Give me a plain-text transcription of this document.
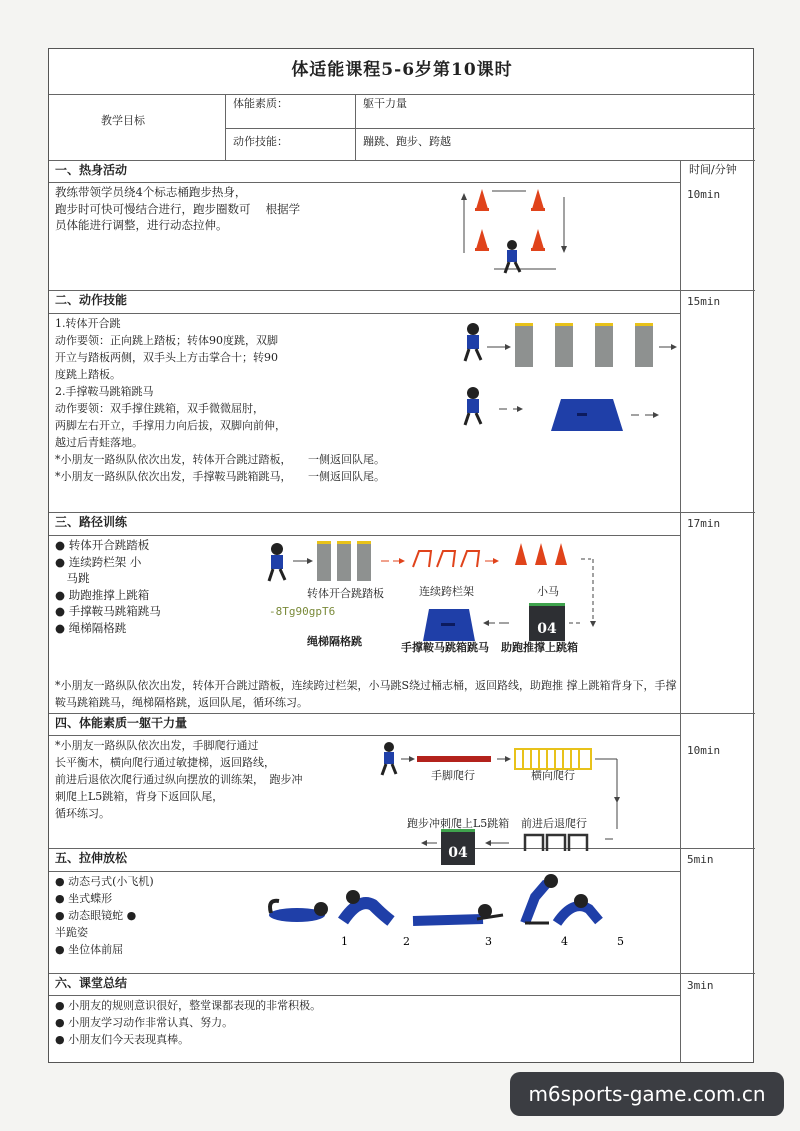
体适能课程5-6岁第10课时
教学目标
体能素质：	躯干力量
动作技能：	蹦跳、跑步、跨越
时间/分钟
一、热身活动
10min
教练带领学员绕4个标志桶跑步热身，
跑步时可快可慢结合进行，跑步圈数可　 根据学
员体能进行调整，进行动态拉伸。
二、动作技能	15min
1.转体开合跳
动作要领：正向跳上踏板；转体90度跳，双脚
开立与踏板两侧，双手头上方击掌合十；转90
度跳上踏板。
2.手撑鞍马跳箱跳马
动作要领：双手撑住跳箱，双手微微屈肘，
两脚左右开立，手撑用力向后拔，双脚向前伸，
越过后青蛙落地。
*小朋友一路纵队依次出发，转体开合跳过踏板，　　一侧返回队尾。
*小朋友一路纵队依次出发，手撑鞍马跳箱跳马，　　一侧返回队尾。
三、路径训练	17min
● 转体开合跳踏板
● 连续跨栏架 小
　马跳
● 助跑推撑上跳箱
● 手撑鞍马跳箱跳马
● 绳梯隔格跳	04
转体开合跳踏板	连续跨栏架	小马
-8Tg90gpT6
绳梯隔格跳	手撑鞍马跳箱跳马 助跑推撑上跳箱
*小朋友一路纵队依次出发，转体开合跳过踏板，连续跨过栏架，小马跳S绕过桶志桶，返回路线，助跑推 撑上跳箱背身下，手撑鞍马跳箱跳马，绳梯隔格跳，返回队尾，循环练习。
四、体能素质一躯干力量
10min
*小朋友一路纵队依次出发，手脚爬行通过
长平衡木，横向爬行通过敏捷梯，返回路线，
前进后退依次爬行通过纵向摆放的训练架，　跑步冲
刺爬上L5跳箱，背身下返回队尾，
循环练习。
04
手脚爬行	横向爬行
跑步冲刺爬上L5跳箱 前进后退爬行
五、拉伸放松	5min
● 动态弓式(小飞机)
● 坐式蝶形
● 动态眼镜蛇 ●
半跪姿
● 坐位体前屈
1	2	3	4	5
六、课堂总结	3min
● 小朋友的规则意识很好，整堂课都表现的非常积极。
● 小朋友学习动作非常认真、努力。
● 小朋友们今天表现真棒。
m6sports-game.com.cn
